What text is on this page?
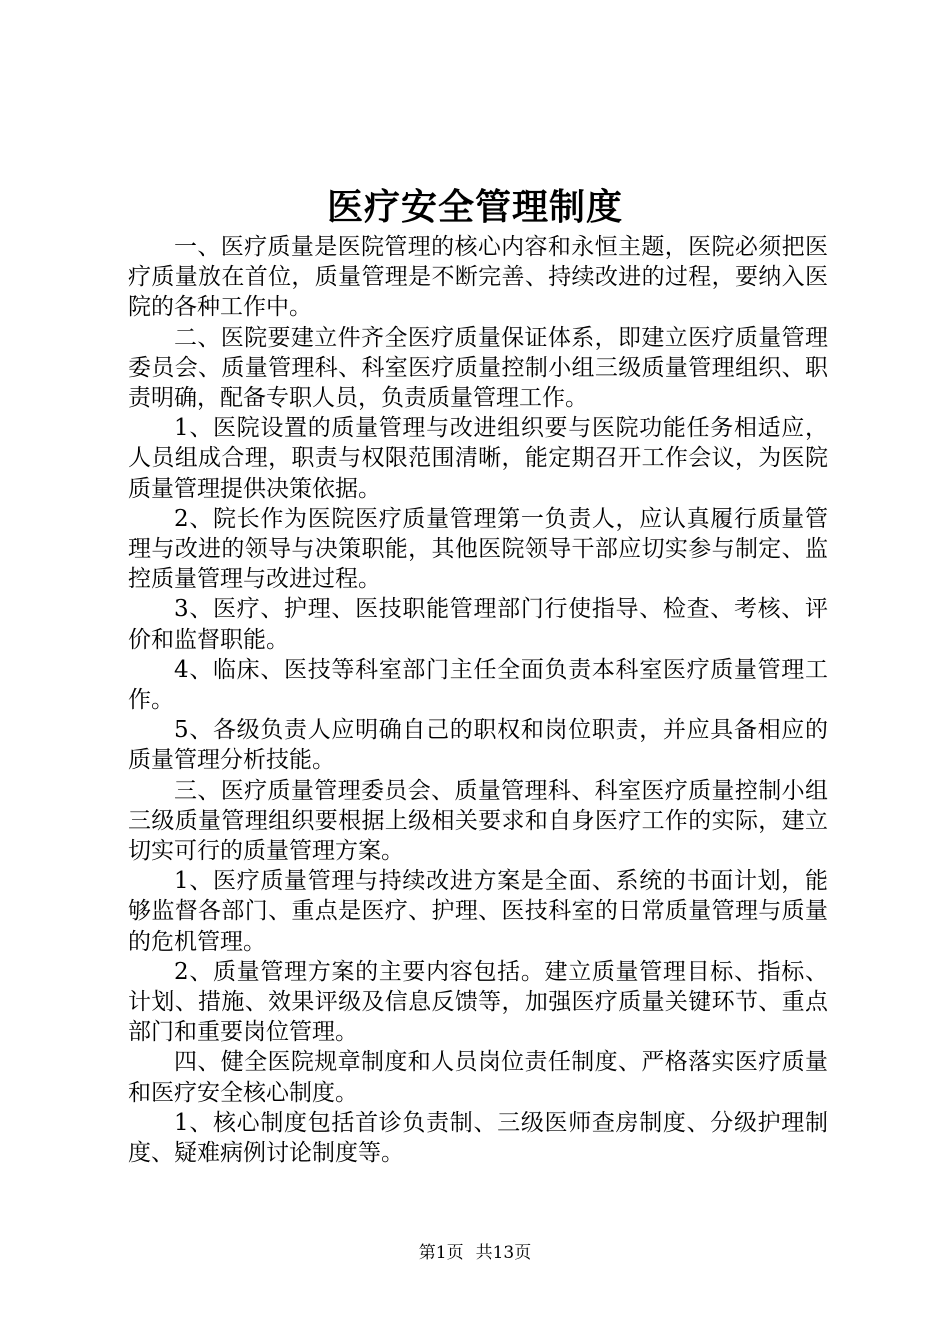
医疗安全管理制度

一、医疗质量是医院管理的核心内容和永恒主题，医院必须把医疗质量放在首位，质量管理是不断完善、持续改进的过程，要纳入医院的各种工作中。

二、医院要建立件齐全医疗质量保证体系，即建立医疗质量管理委员会、质量管理科、科室医疗质量控制小组三级质量管理组织、职责明确，配备专职人员，负责质量管理工作。

1、医院设置的质量管理与改进组织要与医院功能任务相适应，人员组成合理，职责与权限范围清晰，能定期召开工作会议，为医院质量管理提供决策依据。

2、院长作为医院医疗质量管理第一负责人，应认真履行质量管理与改进的领导与决策职能，其他医院领导干部应切实参与制定、监控质量管理与改进过程。

3、医疗、护理、医技职能管理部门行使指导、检查、考核、评价和监督职能。

4、临床、医技等科室部门主任全面负责本科室医疗质量管理工作。

5、各级负责人应明确自己的职权和岗位职责，并应具备相应的质量管理分析技能。

三、医疗质量管理委员会、质量管理科、科室医疗质量控制小组三级质量管理组织要根据上级相关要求和自身医疗工作的实际，建立切实可行的质量管理方案。

1、医疗质量管理与持续改进方案是全面、系统的书面计划，能够监督各部门、重点是医疗、护理、医技科室的日常质量管理与质量的危机管理。

2、质量管理方案的主要内容包括。建立质量管理目标、指标、计划、措施、效果评级及信息反馈等，加强医疗质量关键环节、重点部门和重要岗位管理。

四、健全医院规章制度和人员岗位责任制度、严格落实医疗质量和医疗安全核心制度。

1、核心制度包括首诊负责制、三级医师查房制度、分级护理制度、疑难病例讨论制度等。

第1页 共13页
